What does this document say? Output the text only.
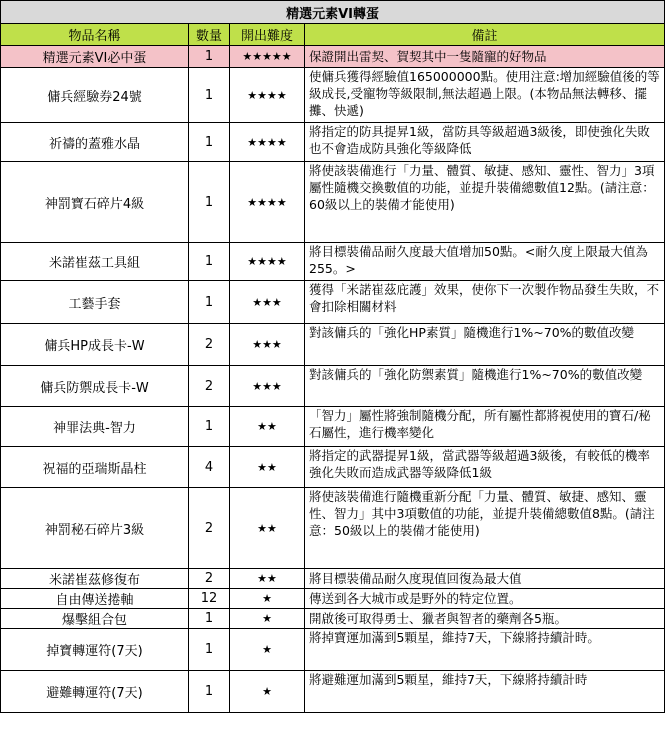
精選元素VI轉蛋			
物品名稱	數量	開出難度	備註
精選元素VI必中蛋	1	★★★★★	保證開出雷契、賀契其中一隻隨寵的好物品
傭兵經驗券24號	1	★★★★	使傭兵獲得經驗值165000000點。使用注意:增加經驗值後的等級成長,受寵物等級限制,無法超過上限。(本物品無法轉移、擺攤、快遞)
祈禱的蓋雅水晶	1	★★★★	將指定的防具提昇1級，當防具等級超過3級後，即使強化失敗也不會造成防具強化等級降低
神罰寶石碎片4級	1	★★★★	將使該裝備進行「力量、體質、敏捷、感知、靈性、智力」3項屬性隨機交換數值的功能，並提升裝備總數值12點。(請注意：60級以上的裝備才能使用)
米諾崔茲工具組	1	★★★★	將目標裝備品耐久度最大值增加50點。<耐久度上限最大值為255。>
工藝手套	1	★★★	獲得「米諾崔茲庇護」效果，使你下一次製作物品發生失敗，不會扣除相關材料
傭兵HP成長卡-W	2	★★★	對該傭兵的「強化HP素質」隨機進行1%~70%的數值改變
傭兵防禦成長卡-W	2	★★★	對該傭兵的「強化防禦素質」隨機進行1%~70%的數值改變
神罪法典-智力	1	★★	「智力」屬性將強制隨機分配，所有屬性都將視使用的寶石/秘石屬性，進行機率變化
祝福的亞瑞斯晶柱	4	★★	將指定的武器提昇1級，當武器等級超過3級後，有較低的機率強化失敗而造成武器等級降低1級
神罰秘石碎片3級	2	★★	將使該裝備進行隨機重新分配「力量、體質、敏捷、感知、靈性、智力」其中3項數值的功能，並提升裝備總數值8點。(請注意：50級以上的裝備才能使用)
米諾崔茲修復布	2	★★	將目標裝備品耐久度現值回復為最大值
自由傳送捲軸	12	★	傳送到各大城市或是野外的特定位置。
爆擊組合包	1	★	開啟後可取得勇士、獵者與智者的藥劑各5瓶。
掉寶轉運符(7天)	1	★	將掉寶運加滿到5顆星，維持7天，下線將持續計時。
避難轉運符(7天)	1	★	將避難運加滿到5顆星，維持7天，下線將持續計時
